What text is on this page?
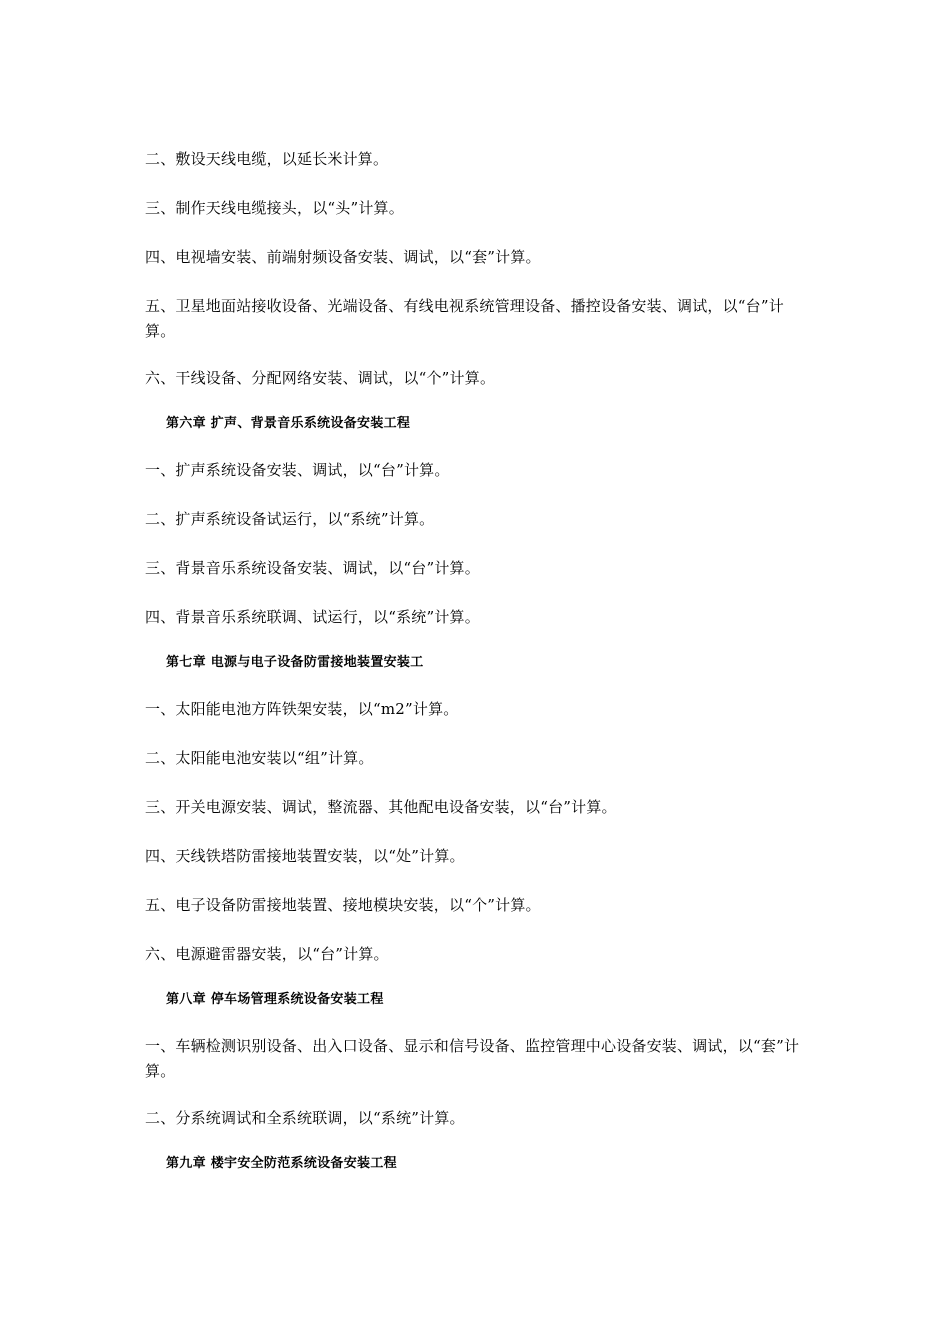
二、敷设天线电缆，以延长米计算。

三、制作天线电缆接头，以“头”计算。

四、电视墙安装、前端射频设备安装、调试，以“套”计算。

五、卫星地面站接收设备、光端设备、有线电视系统管理设备、播控设备安装、调试，以“台”计算。

六、干线设备、分配网络安装、调试，以“个”计算。

第六章 扩声、背景音乐系统设备安装工程

一、扩声系统设备安装、调试，以“台”计算。

二、扩声系统设备试运行，以“系统”计算。

三、背景音乐系统设备安装、调试，以“台”计算。

四、背景音乐系统联调、试运行，以“系统”计算。

第七章 电源与电子设备防雷接地装置安装工

一、太阳能电池方阵铁架安装，以“m2”计算。

二、太阳能电池安装以“组”计算。

三、开关电源安装、调试，整流器、其他配电设备安装，以“台”计算。

四、天线铁塔防雷接地装置安装，以“处”计算。

五、电子设备防雷接地装置、接地模块安装，以“个”计算。

六、电源避雷器安装，以“台”计算。

第八章 停车场管理系统设备安装工程

一、车辆检测识别设备、出入口设备、显示和信号设备、监控管理中心设备安装、调试，以“套”计算。

二、分系统调试和全系统联调，以“系统”计算。

第九章 楼宇安全防范系统设备安装工程
